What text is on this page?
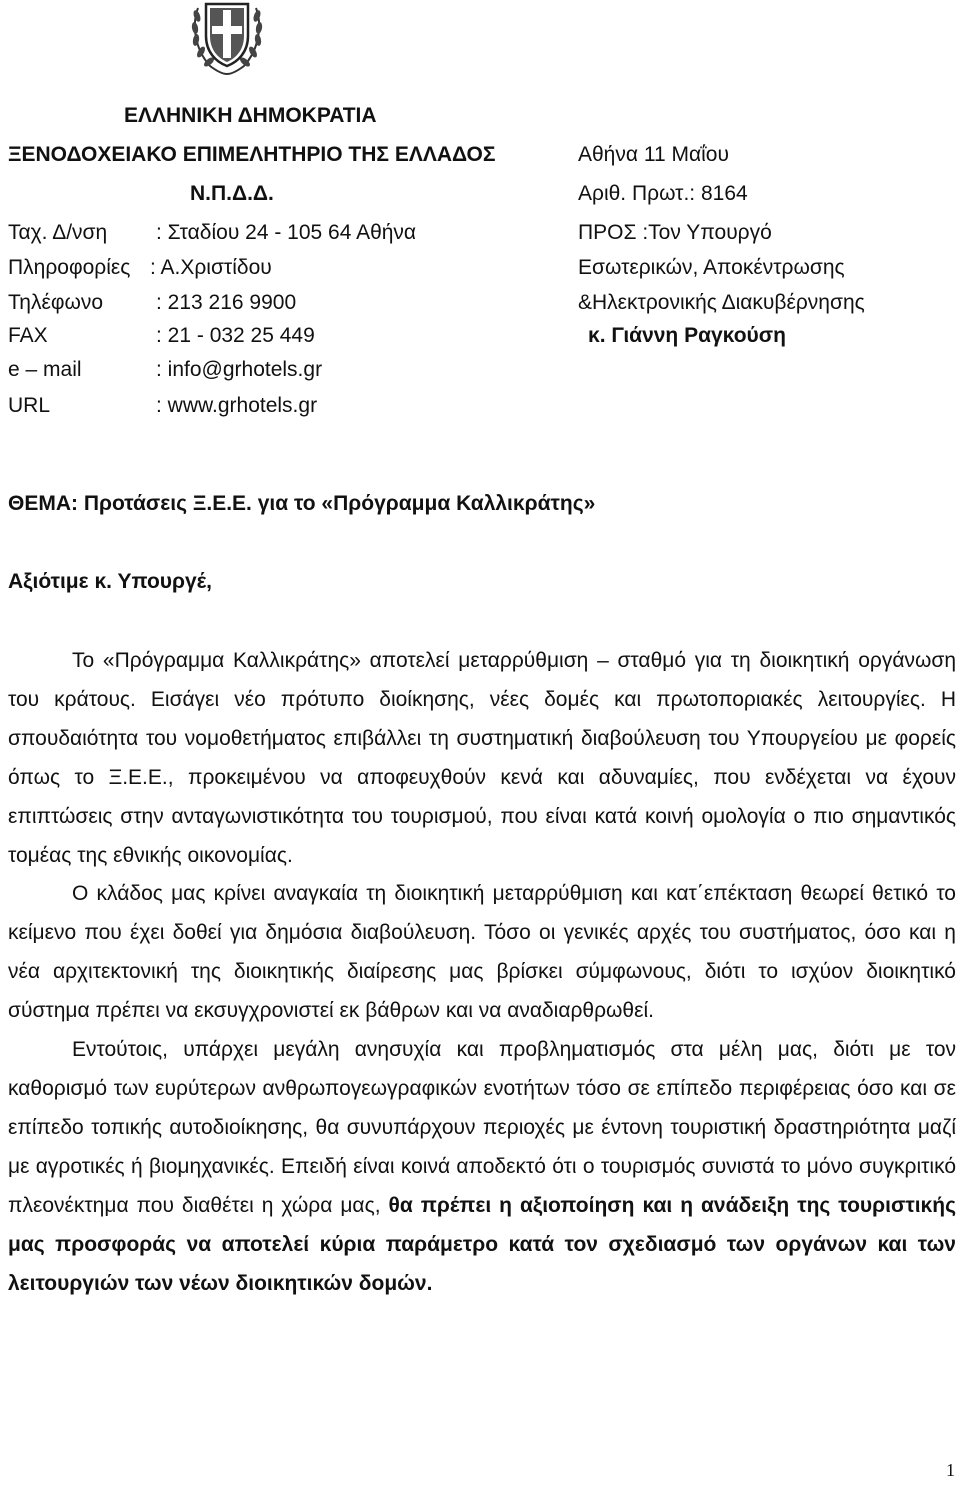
ΕΛΛΗΝΙΚΗ ΔΗΜΟΚΡΑΤΙΑ
ΞΕΝΟΔΟΧΕΙΑΚΟ ΕΠΙΜΕΛΗΤΗΡΙΟ ΤΗΣ ΕΛΛΑΔΟΣ
Ν.Π.Δ.Δ.
Ταχ. Δ/νση : Σταδίου 24 - 105 64 Αθήνα
Πληροφορίες : Α.Χριστίδου
Τηλέφωνο	: 213 216 9900
FAX	: 21 - 032 25 449
e – mail	: info@grhotels.gr
URL	: www.grhotels.gr
Αθήνα 11 Μαΐου
Αριθ. Πρωτ.: 8164
ΠΡΟΣ :Τον Υπουργό
Εσωτερικών, Αποκέντρωσης
&Ηλεκτρονικής Διακυβέρνησης
κ. Γιάννη Ραγκούση
ΘΕΜΑ: Προτάσεις Ξ.Ε.Ε. για το «Πρόγραμμα Καλλικράτης»
Αξιότιμε κ. Υπουργέ,

Το «Πρόγραμμα Καλλικράτης» αποτελεί μεταρρύθμιση – σταθμό για τη διοικητική οργάνωση του κράτους. Εισάγει νέο πρότυπο διοίκησης, νέες δομές και πρωτοποριακές λειτουργίες. Η σπουδαιότητα του νομοθετήματος επιβάλλει τη συστηματική διαβούλευση του Υπουργείου με φορείς όπως το Ξ.Ε.Ε., προκειμένου να αποφευχθούν κενά και αδυναμίες, που ενδέχεται να έχουν επιπτώσεις στην ανταγωνιστικότητα του τουρισμού, που είναι κατά κοινή ομολογία ο πιο σημαντικός τομέας της εθνικής οικονομίας.

Ο κλάδος μας κρίνει αναγκαία τη διοικητική μεταρρύθμιση και κατ΄επέκταση θεωρεί θετικό το κείμενο που έχει δοθεί για δημόσια διαβούλευση. Τόσο οι γενικές αρχές του συστήματος, όσο και η νέα αρχιτεκτονική της διοικητικής διαίρεσης μας βρίσκει σύμφωνους, διότι το ισχύον διοικητικό σύστημα πρέπει να εκσυγχρονιστεί εκ βάθρων και να αναδιαρθρωθεί.

Εντούτοις, υπάρχει μεγάλη ανησυχία και προβληματισμός στα μέλη μας, διότι με τον καθορισμό των ευρύτερων ανθρωπογεωγραφικών ενοτήτων τόσο σε επίπεδο περιφέρειας όσο και σε επίπεδο τοπικής αυτοδιοίκησης, θα συνυπάρχουν περιοχές με έντονη τουριστική δραστηριότητα μαζί με αγροτικές ή βιομηχανικές. Επειδή είναι κοινά αποδεκτό ότι ο τουρισμός συνιστά το μόνο συγκριτικό πλεονέκτημα που διαθέτει η χώρα μας, θα πρέπει η αξιοποίηση και η ανάδειξη της τουριστικής μας προσφοράς να αποτελεί κύρια παράμετρο κατά τον σχεδιασμό των οργάνων και των λειτουργιών των νέων διοικητικών δομών.

1
